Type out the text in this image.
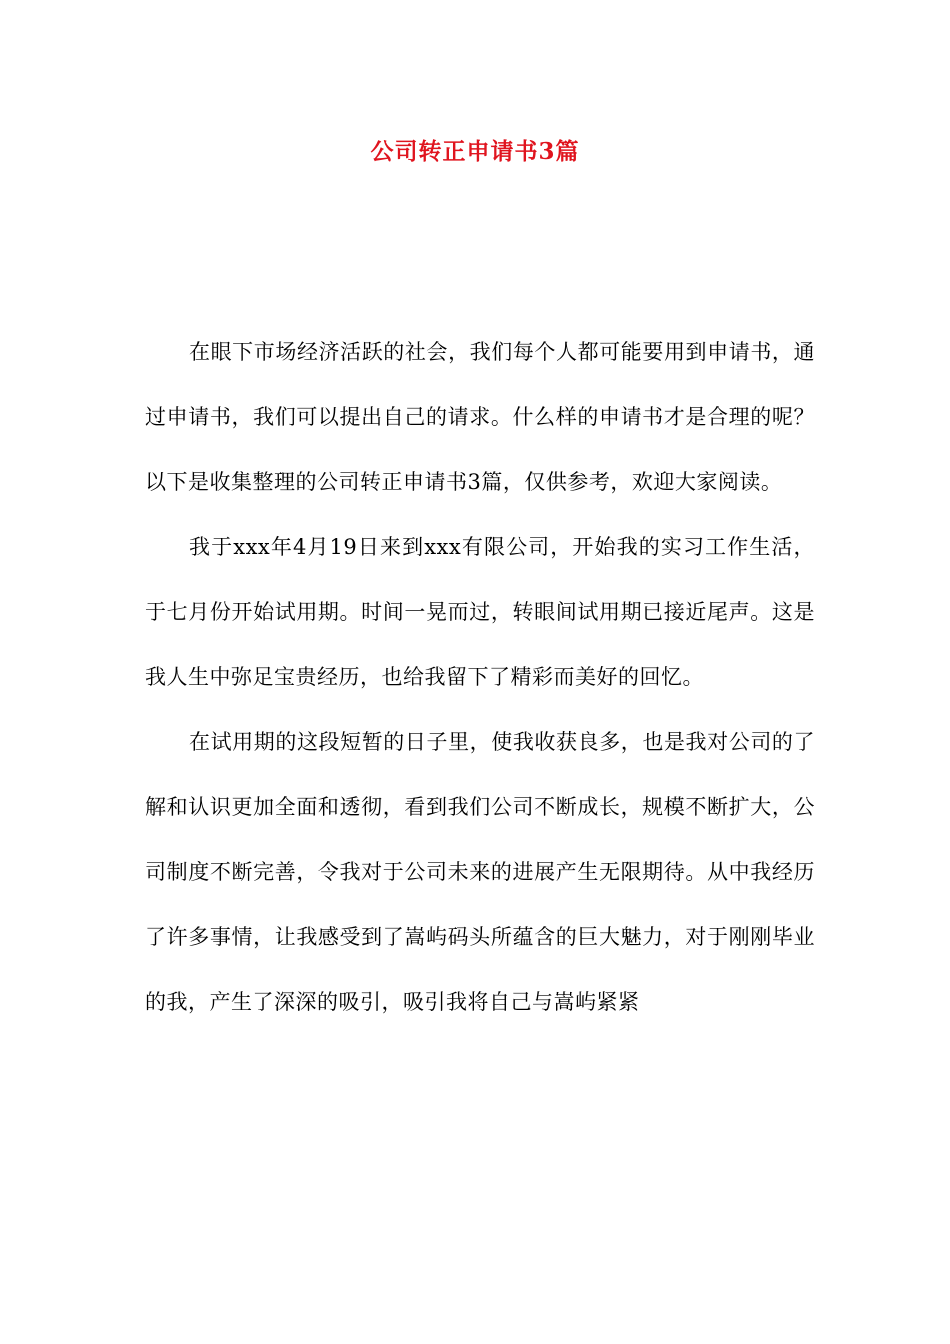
公司转正申请书3篇

在眼下市场经济活跃的社会，我们每个人都可能要用到申请书，通过申请书，我们可以提出自己的请求。什么样的申请书才是合理的呢？以下是收集整理的公司转正申请书3篇，仅供参考，欢迎大家阅读。

我于xxx年4月19日来到xxx有限公司，开始我的实习工作生活，于七月份开始试用期。时间一晃而过，转眼间试用期已接近尾声。这是我人生中弥足宝贵经历，也给我留下了精彩而美好的回忆。

在试用期的这段短暂的日子里，使我收获良多，也是我对公司的了解和认识更加全面和透彻，看到我们公司不断成长，规模不断扩大，公司制度不断完善，令我对于公司未来的进展产生无限期待。从中我经历了许多事情，让我感受到了嵩屿码头所蕴含的巨大魅力，对于刚刚毕业的我，产生了深深的吸引，吸引我将自己与嵩屿紧紧
